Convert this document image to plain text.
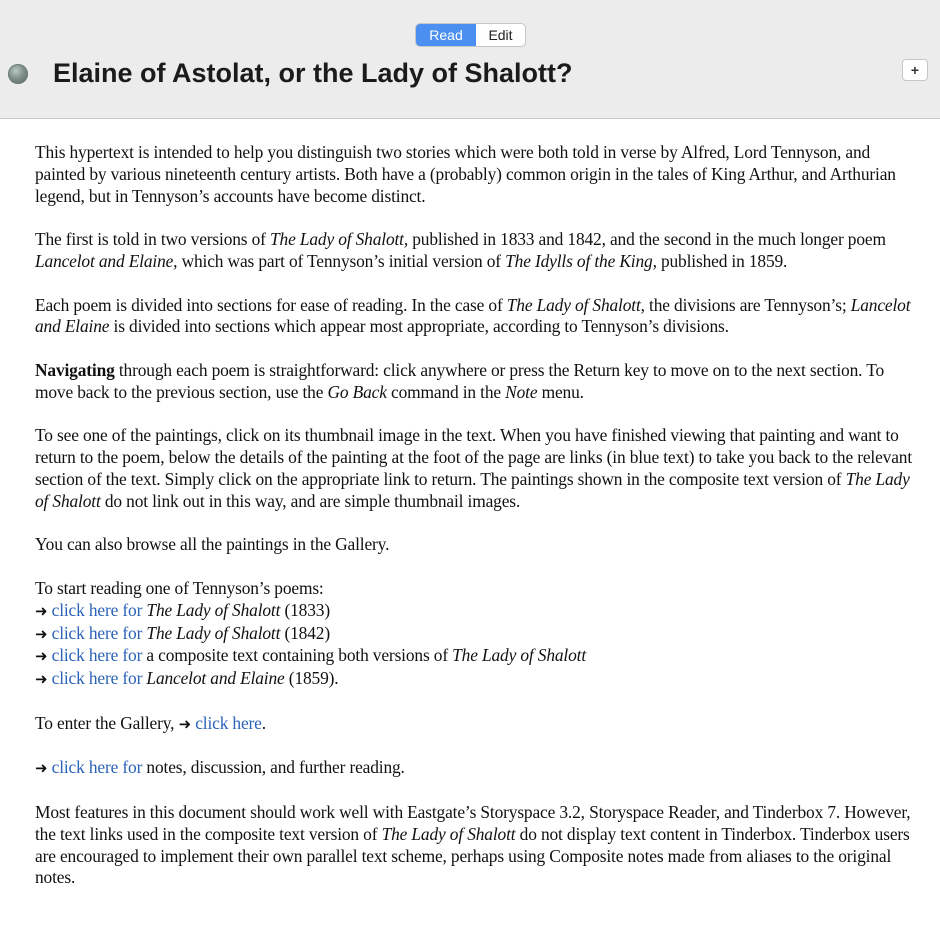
Read	Edit
Elaine of Astolat, or the Lady of Shalott?	+

This hypertext is intended to help you distinguish two stories which were both told in verse by Alfred, Lord Tennyson, and painted by various nineteenth century artists. Both have a (probably) common origin in the tales of King Arthur, and Arthurian legend, but in Tennyson’s accounts have become distinct.

The first is told in two versions of The Lady of Shalott, published in 1833 and 1842, and the second in the much longer poem Lancelot and Elaine, which was part of Tennyson’s initial version of The Idylls of the King, published in 1859.

Each poem is divided into sections for ease of reading. In the case of The Lady of Shalott, the divisions are Tennyson’s; Lancelot and Elaine is divided into sections which appear most appropriate, according to Tennyson’s divisions.

Navigating through each poem is straightforward: click anywhere or press the Return key to move on to the next section. To move back to the previous section, use the Go Back command in the Note menu.

To see one of the paintings, click on its thumbnail image in the text. When you have finished viewing that painting and want to return to the poem, below the details of the painting at the foot of the page are links (in blue text) to take you back to the relevant section of the text. Simply click on the appropriate link to return. The paintings shown in the composite text version of The Lady of Shalott do not link out in this way, and are simple thumbnail images.

You can also browse all the paintings in the Gallery.

To start reading one of Tennyson’s poems:
➜ click here for The Lady of Shalott (1833)
➜ click here for The Lady of Shalott (1842)
➜ click here for a composite text containing both versions of The Lady of Shalott
➜ click here for Lancelot and Elaine (1859).

To enter the Gallery, ➜ click here.

➜ click here for notes, discussion, and further reading.

Most features in this document should work well with Eastgate’s Storyspace 3.2, Storyspace Reader, and Tinderbox 7. However, the text links used in the composite text version of The Lady of Shalott do not display text content in Tinderbox. Tinderbox users are encouraged to implement their own parallel text scheme, perhaps using Composite notes made from aliases to the original notes.
